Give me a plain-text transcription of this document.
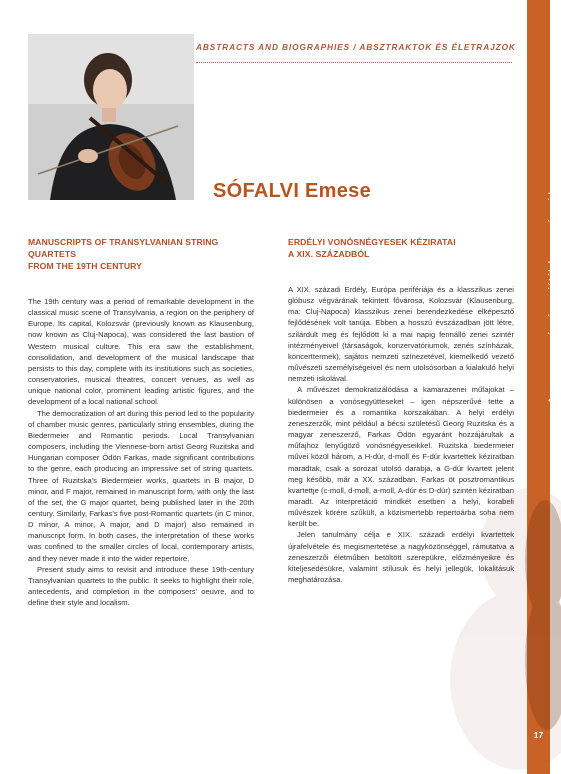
ABSTRACTS AND BIOGRAPHIES / ABSZTRAKTOK ÉS ÉLETRAJZOK
SÓFALVI Emese
MANUSCRIPTS OF TRANSYLVANIAN STRING QUARTETS
FROM THE 19TH CENTURY

The 19th century was a period of remarkable development in the classical music scene of Transylvania, a region on the periphery of Europe. Its capital, Kolozsvár (previously known as Klausenburg, now known as Cluj-Napoca), was considered the last bastion of Western musical culture. This era saw the establishment, consolidation, and development of the musical landscape that persists to this day, complete with its institutions such as societies, conservatories, musical theatres, concert venues, as well as unique national color, prominent leading artistic figures, and the development of a local national school.

The democratization of art during this period led to the popularity of chamber music genres, particularly string ensembles, during the Biedermeier and Romantic periods. Local Transylvanian composers, including the Viennese-born artist Georg Ruzitska and Hungarian composer Ödön Farkas, made significant contributions to the genre, each producing an impressive set of string quartets. Three of Ruzitska's Biedermeier works, quartets in B major, D minor, and F major, remained in manuscript form, with only the last of the set, the G major quartet, being published later in the 20th century. Similarly, Farkas's five post-Romantic quartets (in C minor, D minor, A minor, A major, and D major) also remained in manuscript form. In both cases, the interpretation of these works was confined to the smaller circles of local, contemporary artists, and they never made it into the wider repertoire.

Present study aims to revisit and introduce these 19th-century Transylvanian quartets to the public. It seeks to highlight their role, antecedents, and completion in the composers' oeuvre, and to define their style and localism.

ERDÉLYI VONÓSNÉGYESEK KÉZIRATAI
A XIX. SZÁZADBÓL

A XIX. századi Erdély, Európa perifériája és a klasszikus zenei glóbusz végvárának tekintett fővárosa, Kolozsvár (Klausenburg, ma: Cluj-Napoca) klasszikus zenei berendezkedése elképesztő fejlődésének volt tanúja. Ebben a hosszú évszázadban jött létre, szilárdult meg és fejlődött ki a mai napig fennálló zenei szintér intézményeivel (társaságok, konzervatóriumok, zenés színházak, koncerttermek), sajátos nemzeti színezetével, kiemelkedő vezető művészeti személyiségeivel és nem utolsósorban a kialakuló helyi nemzeti iskolával.

A művészet demokratizálódása a kamarazenei műfajokat – különösen a vonósegyütteseket – igen népszerűvé tette a biedermeier és a romantika korszakában. A helyi erdélyi zeneszerzők, mint például a bécsi születésű Georg Ruzitska és a magyar zeneszerző, Farkas Ödön egyaránt hozzájárultak a műfajhoz lenyűgöző vonósnégyeseikkel. Ruzitska biedermeier művei közül három, a H-dúr, d-moll és F-dúr kvartettek kéziratban maradtak, csak a sorozat utolsó darabja, a G-dúr kvartett jelent meg később, már a XX. században. Farkas öt posztromantikus kvartettje (c-moll, d-moll, a-moll, A-dúr és D-dúr) szintén kéziratban maradt. Az interpretáció mindkét esetben a helyi, korabeli művészek körére szűkült, a közismertebb repertoárba soha nem került be.

Jelen tanulmány célja e XIX. századi erdélyi kvartettek újrafelvétele és megismertetése a nagyközönséggel, rámutatva a zeneszerzői életműben betöltött szerepükre, előzményeikre és kiteljesedésükre, valamint stílusuk és helyi jellegük, lokalitásuk meghatározása.

A magyar vonósnégyesjáték hagyományai I.
17
